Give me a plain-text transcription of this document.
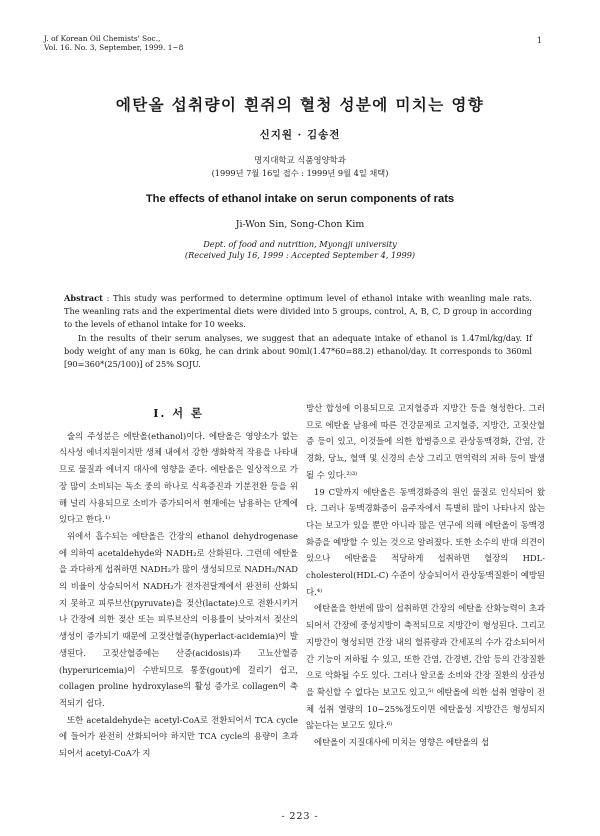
J. of Korean Oil Chemists' Soc.,
Vol. 16. No. 3, September, 1999. 1~8
1
에탄올 섭취량이 흰쥐의 혈청 성분에 미치는 영향
신지원 · 김송전
명지대학교 식품영양학과
(1999년 7월 16일 접수 : 1999년 9월 4일 채택)
The effects of ethanol intake on serun components of rats
Ji-Won Sin, Song-Chon Kim
Dept. of food and nutrition, Myongji university
(Received July 16, 1999 : Accepted September 4, 1999)

Abstract : This study was performed to determine optimum level of ethanol intake with weanling male rats. The weanling rats and the experimental diets were divided into 5 groups, control, A, B, C, D group in according to the levels of ethanol intake for 10 weeks.

In the results of their serum analyses, we suggest that an adequate intake of ethanol is 1.47ml/kg/day. If body weight of any man is 60kg, he can drink about 90ml(1.47*60=88.2) ethanol/day. It corresponds to 360ml [90=360*(25/100)] of 25% SOJU.

Ⅰ. 서 론

술의 주성분은 에탄올(ethanol)이다. 에탄올은 영양소가 없는 식사성 에너지원이지만 생체 내에서 강한 생화학적 작용을 나타내므로 물질과 에너지 대사에 영향을 준다. 에탄올은 일상적으로 가장 많이 소비되는 독소 중의 하나로 식욕증진과 기분전환 등을 위해 널리 사용되므로 소비가 증가되어서 현재에는 남용하는 단계에 있다고 한다.¹⁾

위에서 흡수되는 에탄올은 간장의 ethanol dehydrogenase에 의하여 acetaldehyde와 NADH₂로 산화된다. 그런데 에탄올을 과다하게 섭취하면 NADH₂가 많이 생성되므로 NADH₂/NAD의 비율이 상승되어서 NADH₂가 전자전달계에서 완전히 산화되지 못하고 피루브산(pyruvate)을 젖산(lactate)으로 전환시키거나 간장에 의한 젖산 또는 피루브산의 이용률이 낮아져서 젖산의 생성이 증가되기 때문에 고젖산혈증(hyperlact-acidemia)이 발생된다. 고젖산혈증에는 산증(acidosis)과 고뇨산혈증(hyperuricemia)이 수반되므로 통풍(gout)에 걸리기 쉽고, collagen proline hydroxylase의 활성 증가로 collagen이 축적되기 쉽다.

또한 acetaldehyde는 acetyl-CoA로 전환되어서 TCA cycle에 들어가 완전히 산화되어야 하지만 TCA cycle의 용량이 초과되어서 acetyl-CoA가 지

방산 합성에 이용되므로 고지혈증과 지방간 등을 형성한다. 그러므로 에탄올 남용에 따른 건강문제로 고지혈증, 지방간, 고젖산혈증 등이 있고, 이것들에 의한 합병증으로 관상동맥경화, 간염, 간경화, 당뇨, 혈액 및 신경의 손상 그리고 면역력의 저하 등이 발생될 수 있다.²⁾³⁾

19 C말까지 에탄올은 동맥경화증의 원인 물질로 인식되어 왔다. 그러나 동맥경화증이 음주자에서 특별히 많이 나타나지 않는다는 보고가 있을 뿐만 아니라 많은 연구에 의해 에탄올이 동맥경화증을 예방할 수 있는 것으로 알려졌다. 또한 소수의 반대 의견이 있으나 에탄올을 적당하게 섭취하면 혈장의 HDL-cholesterol(HDL-C) 수준이 상승되어서 관상동맥질환이 예방된다.⁴⁾

에탄올을 한번에 많이 섭취하면 간장의 에탄올 산화능력이 초과되어서 간장에 중성지방이 축적되므로 지방간이 형성된다. 그리고 지방간이 형성되면 간장 내의 혈류량과 간세포의 수가 감소되어서 간 기능이 저하될 수 있고, 또한 간염, 간경변, 간암 등의 간장질환으로 악화될 수도 있다. 그러나 알코올 소비와 간장 질환의 상관성을 확신할 수 없다는 보고도 있고,⁵⁾ 에탄올에 의한 섭취 열량이 전체 섭취 열량의 10~25%정도이면 에탄올성 지방간은 형성되지 않는다는 보고도 있다.⁶⁾

에탄올이 지질대사에 미치는 영향은 에탄올의 섭

- 223 -
